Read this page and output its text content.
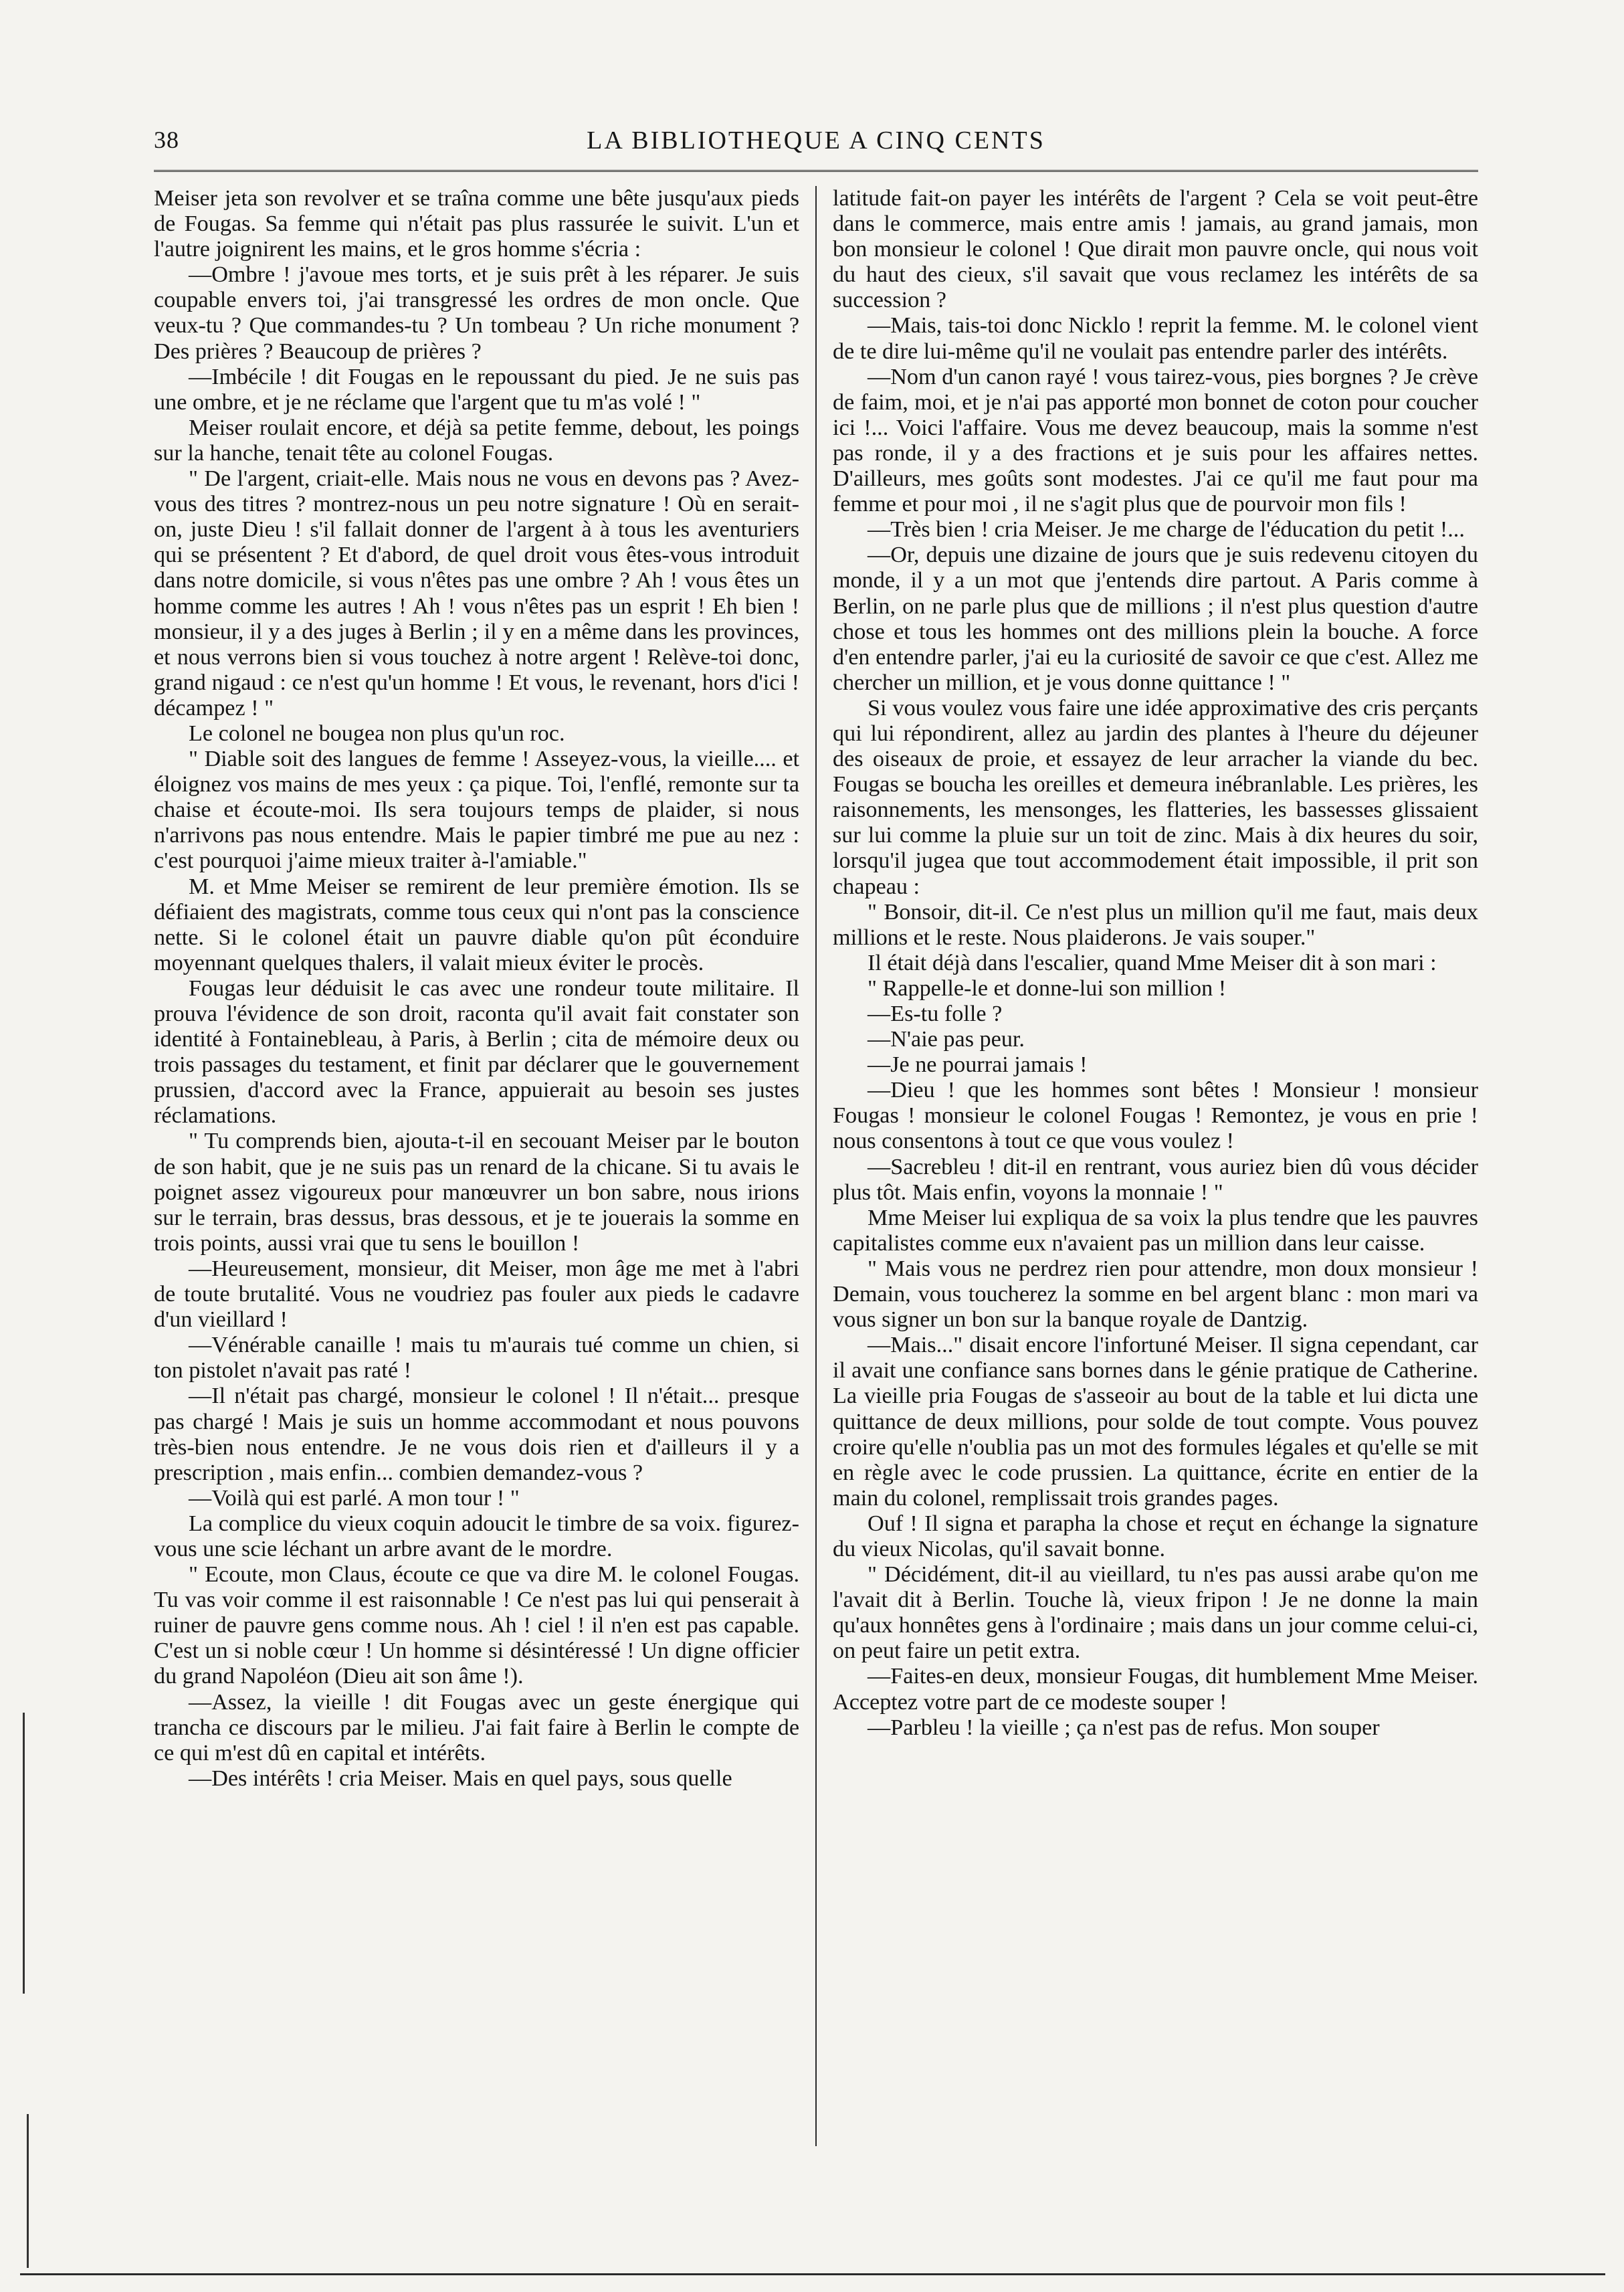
38	LA BIBLIOTHEQUE A CINQ CENTS

Meiser jeta son revolver et se traîna comme une bête jusqu'aux pieds de Fougas. Sa femme qui n'était pas plus rassurée le suivit. L'un et l'autre joignirent les mains, et le gros homme s'écria :

—Ombre ! j'avoue mes torts, et je suis prêt à les réparer. Je suis coupable envers toi, j'ai transgressé les ordres de mon oncle. Que veux-tu ? Que commandes-tu ? Un tombeau ? Un riche monument ? Des prières ? Beaucoup de prières ?

—Imbécile ! dit Fougas en le repoussant du pied. Je ne suis pas une ombre, et je ne réclame que l'argent que tu m'as volé ! "

Meiser roulait encore, et déjà sa petite femme, debout, les poings sur la hanche, tenait tête au colonel Fougas.

" De l'argent, criait-elle. Mais nous ne vous en devons pas ? Avez-vous des titres ? montrez-nous un peu notre signature ! Où en serait-on, juste Dieu ! s'il fallait donner de l'argent à à tous les aventuriers qui se présentent ? Et d'abord, de quel droit vous êtes-vous introduit dans notre domicile, si vous n'êtes pas une ombre ? Ah ! vous êtes un homme comme les autres ! Ah ! vous n'êtes pas un esprit ! Eh bien ! monsieur, il y a des juges à Berlin ; il y en a même dans les provinces, et nous verrons bien si vous touchez à notre argent ! Relève-toi donc, grand nigaud : ce n'est qu'un homme ! Et vous, le revenant, hors d'ici ! décampez ! "

Le colonel ne bougea non plus qu'un roc.

" Diable soit des langues de femme ! Asseyez-vous, la vieille.... et éloignez vos mains de mes yeux : ça pique. Toi, l'enflé, remonte sur ta chaise et écoute-moi. Ils sera toujours temps de plaider, si nous n'arrivons pas nous entendre. Mais le papier timbré me pue au nez : c'est pourquoi j'aime mieux traiter à-l'amiable."

M. et Mme Meiser se remirent de leur première émotion. Ils se défiaient des magistrats, comme tous ceux qui n'ont pas la conscience nette. Si le colonel était un pauvre diable qu'on pût éconduire moyennant quelques thalers, il valait mieux éviter le procès.

Fougas leur déduisit le cas avec une rondeur toute militaire. Il prouva l'évidence de son droit, raconta qu'il avait fait constater son identité à Fontainebleau, à Paris, à Berlin ; cita de mémoire deux ou trois passages du testament, et finit par déclarer que le gouvernement prussien, d'accord avec la France, appuierait au besoin ses justes réclamations.

" Tu comprends bien, ajouta-t-il en secouant Meiser par le bouton de son habit, que je ne suis pas un renard de la chicane. Si tu avais le poignet assez vigoureux pour manœuvrer un bon sabre, nous irions sur le terrain, bras dessus, bras dessous, et je te jouerais la somme en trois points, aussi vrai que tu sens le bouillon !

—Heureusement, monsieur, dit Meiser, mon âge me met à l'abri de toute brutalité. Vous ne voudriez pas fouler aux pieds le cadavre d'un vieillard !

—Vénérable canaille ! mais tu m'aurais tué comme un chien, si ton pistolet n'avait pas raté !

—Il n'était pas chargé, monsieur le colonel ! Il n'était... presque pas chargé ! Mais je suis un homme accommodant et nous pouvons très-bien nous entendre. Je ne vous dois rien et d'ailleurs il y a prescription , mais enfin... combien demandez-vous ?

—Voilà qui est parlé. A mon tour ! "

La complice du vieux coquin adoucit le timbre de sa voix. figurez-vous une scie léchant un arbre avant de le mordre.

" Ecoute, mon Claus, écoute ce que va dire M. le colonel Fougas. Tu vas voir comme il est raisonnable ! Ce n'est pas lui qui penserait à ruiner de pauvre gens comme nous. Ah ! ciel ! il n'en est pas capable. C'est un si noble cœur ! Un homme si désintéressé ! Un digne officier du grand Napoléon (Dieu ait son âme !).

—Assez, la vieille ! dit Fougas avec un geste énergique qui trancha ce discours par le milieu. J'ai fait faire à Berlin le compte de ce qui m'est dû en capital et intérêts.

—Des intérêts ! cria Meiser. Mais en quel pays, sous quelle

latitude fait-on payer les intérêts de l'argent ? Cela se voit peut-être dans le commerce, mais entre amis ! jamais, au grand jamais, mon bon monsieur le colonel ! Que dirait mon pauvre oncle, qui nous voit du haut des cieux, s'il savait que vous reclamez les intérêts de sa succession ?

—Mais, tais-toi donc Nicklo ! reprit la femme. M. le colonel vient de te dire lui-même qu'il ne voulait pas entendre parler des intérêts.

—Nom d'un canon rayé ! vous tairez-vous, pies borgnes ? Je crève de faim, moi, et je n'ai pas apporté mon bonnet de coton pour coucher ici !... Voici l'affaire. Vous me devez beaucoup, mais la somme n'est pas ronde, il y a des fractions et je suis pour les affaires nettes. D'ailleurs, mes goûts sont modestes. J'ai ce qu'il me faut pour ma femme et pour moi , il ne s'agit plus que de pourvoir mon fils !

—Très bien ! cria Meiser. Je me charge de l'éducation du petit !...

—Or, depuis une dizaine de jours que je suis redevenu citoyen du monde, il y a un mot que j'entends dire partout. A Paris comme à Berlin, on ne parle plus que de millions ; il n'est plus question d'autre chose et tous les hommes ont des millions plein la bouche. A force d'en entendre parler, j'ai eu la curiosité de savoir ce que c'est. Allez me chercher un million, et je vous donne quittance ! "

Si vous voulez vous faire une idée approximative des cris perçants qui lui répondirent, allez au jardin des plantes à l'heure du déjeuner des oiseaux de proie, et essayez de leur arracher la viande du bec. Fougas se boucha les oreilles et demeura inébranlable. Les prières, les raisonnements, les mensonges, les flatteries, les bassesses glissaient sur lui comme la pluie sur un toit de zinc. Mais à dix heures du soir, lorsqu'il jugea que tout accommodement était impossible, il prit son chapeau :

" Bonsoir, dit-il. Ce n'est plus un million qu'il me faut, mais deux millions et le reste. Nous plaiderons. Je vais souper."

Il était déjà dans l'escalier, quand Mme Meiser dit à son mari :

" Rappelle-le et donne-lui son million !

—Es-tu folle ?

—N'aie pas peur.

—Je ne pourrai jamais !

—Dieu ! que les hommes sont bêtes ! Monsieur ! monsieur Fougas ! monsieur le colonel Fougas ! Remontez, je vous en prie ! nous consentons à tout ce que vous voulez !

—Sacrebleu ! dit-il en rentrant, vous auriez bien dû vous décider plus tôt. Mais enfin, voyons la monnaie ! "

Mme Meiser lui expliqua de sa voix la plus tendre que les pauvres capitalistes comme eux n'avaient pas un million dans leur caisse.

" Mais vous ne perdrez rien pour attendre, mon doux monsieur ! Demain, vous toucherez la somme en bel argent blanc : mon mari va vous signer un bon sur la banque royale de Dantzig.

—Mais..." disait encore l'infortuné Meiser. Il signa cependant, car il avait une confiance sans bornes dans le génie pratique de Catherine. La vieille pria Fougas de s'asseoir au bout de la table et lui dicta une quittance de deux millions, pour solde de tout compte. Vous pouvez croire qu'elle n'oublia pas un mot des formules légales et qu'elle se mit en règle avec le code prussien. La quittance, écrite en entier de la main du colonel, remplissait trois grandes pages.

Ouf ! Il signa et parapha la chose et reçut en échange la signature du vieux Nicolas, qu'il savait bonne.

" Décidément, dit-il au vieillard, tu n'es pas aussi arabe qu'on me l'avait dit à Berlin. Touche là, vieux fripon ! Je ne donne la main qu'aux honnêtes gens à l'ordinaire ; mais dans un jour comme celui-ci, on peut faire un petit extra.

—Faites-en deux, monsieur Fougas, dit humblement Mme Meiser. Acceptez votre part de ce modeste souper !

—Parbleu ! la vieille ; ça n'est pas de refus. Mon souper
